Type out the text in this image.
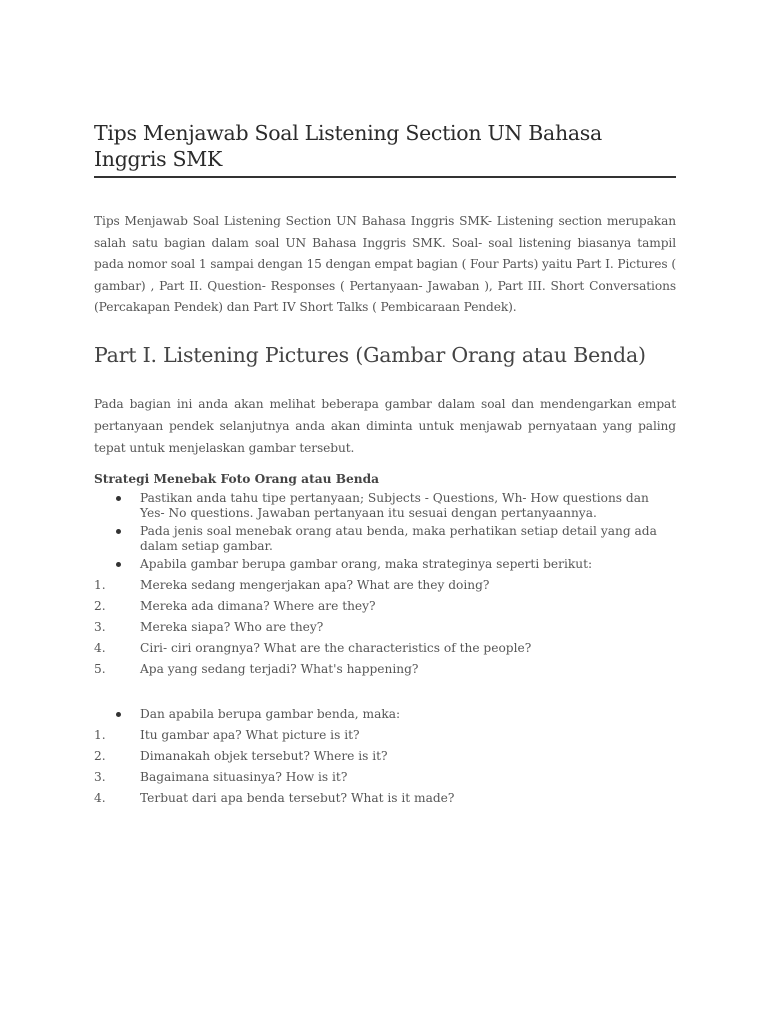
Tips Menjawab Soal Listening Section UN Bahasa Inggris SMK

Tips Menjawab Soal Listening Section UN Bahasa Inggris SMK- Listening section merupakan salah satu bagian dalam soal UN Bahasa Inggris SMK. Soal- soal listening biasanya tampil pada nomor soal 1 sampai dengan 15 dengan empat bagian ( Four Parts) yaitu Part I. Pictures ( gambar) , Part II. Question- Responses ( Pertanyaan- Jawaban ), Part III. Short Conversations (Percakapan Pendek) dan Part IV Short Talks ( Pembicaraan Pendek).

Part I. Listening Pictures (Gambar Orang atau Benda)

Pada bagian ini anda akan melihat beberapa gambar dalam soal dan mendengarkan empat pertanyaan pendek selanjutnya anda akan diminta untuk menjawab pernyataan yang paling tepat untuk menjelaskan gambar tersebut.

Strategi Menebak Foto Orang atau Benda
Pastikan anda tahu tipe pertanyaan; Subjects - Questions, Wh- How questions dan Yes- No questions. Jawaban pertanyaan itu sesuai dengan pertanyaannya.
Pada jenis soal menebak orang atau benda, maka perhatikan setiap detail yang ada dalam setiap gambar.
Apabila gambar berupa gambar orang, maka strateginya seperti berikut:
1.	Mereka sedang mengerjakan apa? What are they doing?
2.	Mereka ada dimana? Where are they?
3.	Mereka siapa? Who are they?
4.	Ciri- ciri orangnya? What are the characteristics of the people?
5.	Apa yang sedang terjadi? What's happening?
Dan apabila berupa gambar benda, maka:
1.	Itu gambar apa? What picture is it?
2.	Dimanakah objek tersebut? Where is it?
3.	Bagaimana situasinya? How is it?
4.	Terbuat dari apa benda tersebut? What is it made?
